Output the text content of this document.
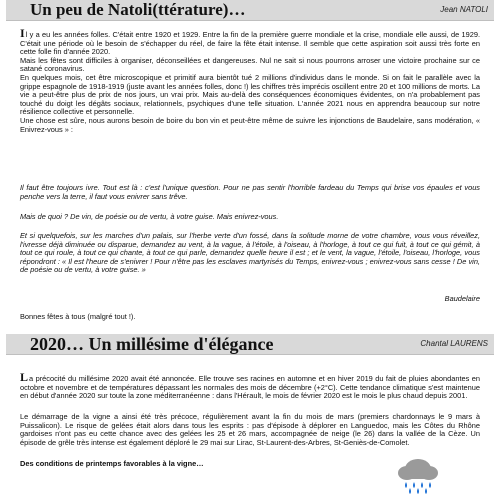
Un peu de Natoli(ttérature)…	Jean NATOLI

Il y a eu les années folles. C'était entre 1920 et 1929. Entre la fin de la première guerre mondiale et la crise, mondiale elle aussi, de 1929. C'était une période où le besoin de s'échapper du réel, de faire la fête était intense. Il semble que cette aspiration soit aussi très forte en cette folle fin d'année 2020.

Mais les fêtes sont difficiles à organiser, déconseillées et dangereuses. Nul ne sait si nous pourrons arroser une victoire prochaine sur ce satané coronavirus.

En quelques mois, cet être microscopique et primitif aura bientôt tué 2 millions d'individus dans le monde. Si on fait le parallèle avec la grippe espagnole de 1918-1919 (juste avant les années folles, donc !) les chiffres très imprécis oscillent entre 20 et 100 millions de morts. La vie a peut-être plus de prix de nos jours, un vrai prix. Mais au-delà des conséquences économiques évidentes, on n'a probablement pas touché du doigt les dégâts sociaux, relationnels, psychiques d'une telle situation. L'année 2021 nous en apprendra beaucoup sur notre résilience collective et personnelle.

Une chose est sûre, nous aurons besoin de boire du bon vin et peut-être même de suivre les injonctions de Baudelaire, sans modération, « Enivrez-vous » :

Il faut être toujours ivre. Tout est là : c'est l'unique question. Pour ne pas sentir l'horrible fardeau du Temps qui brise vos épaules et vous penche vers la terre, il faut vous enivrer sans trêve.

Mais de quoi ? De vin, de poésie ou de vertu, à votre guise. Mais enivrez-vous.

Et si quelquefois, sur les marches d'un palais, sur l'herbe verte d'un fossé, dans la solitude morne de votre chambre, vous vous réveillez, l'ivresse déjà diminuée ou disparue, demandez au vent, à la vague, à l'étoile, à l'oiseau, à l'horloge, à tout ce qui fuit, à tout ce qui gémit, à tout ce qui roule, à tout ce qui chante, à tout ce qui parle, demandez quelle heure il est ; et le vent, la vague, l'étoile, l'oiseau, l'horloge, vous répondront : « Il est l'heure de s'enivrer ! Pour n'être pas les esclaves martyrisés du Temps, enivrez-vous ; enivrez-vous sans cesse ! De vin, de poésie ou de vertu, à votre guise. »

Baudelaire

Bonnes fêtes à tous (malgré tout !).

2020… Un millésime d'élégance	Chantal LAURENS

La précocité du millésime 2020 avait été annoncée. Elle trouve ses racines en automne et en hiver 2019 du fait de pluies abondantes en octobre et novembre et de températures dépassant les normales des mois de décembre (+2°C). Cette tendance climatique s'est maintenue en début d'année 2020 sur toute la zone méditerranéenne : dans l'Hérault, le mois de février 2020 est le mois le plus chaud depuis 2001.

Le démarrage de la vigne a ainsi été très précoce, régulièrement avant la fin du mois de mars (premiers chardonnays le 9 mars à Puissalicon). Le risque de gelées était alors dans tous les esprits : pas d'épisode à déplorer en Languedoc, mais les Côtes du Rhône gardoises n'ont pas eu cette chance avec des gelées les 25 et 26 mars, accompagnée de neige (le 26) dans la vallée de la Cèze. Un épisode de grêle très intense est également déploré le 29 mai sur Lirac, St-Laurent-des-Arbres, St-Geniès-de-Comolet.

Des conditions de printemps favorables à la vigne…
